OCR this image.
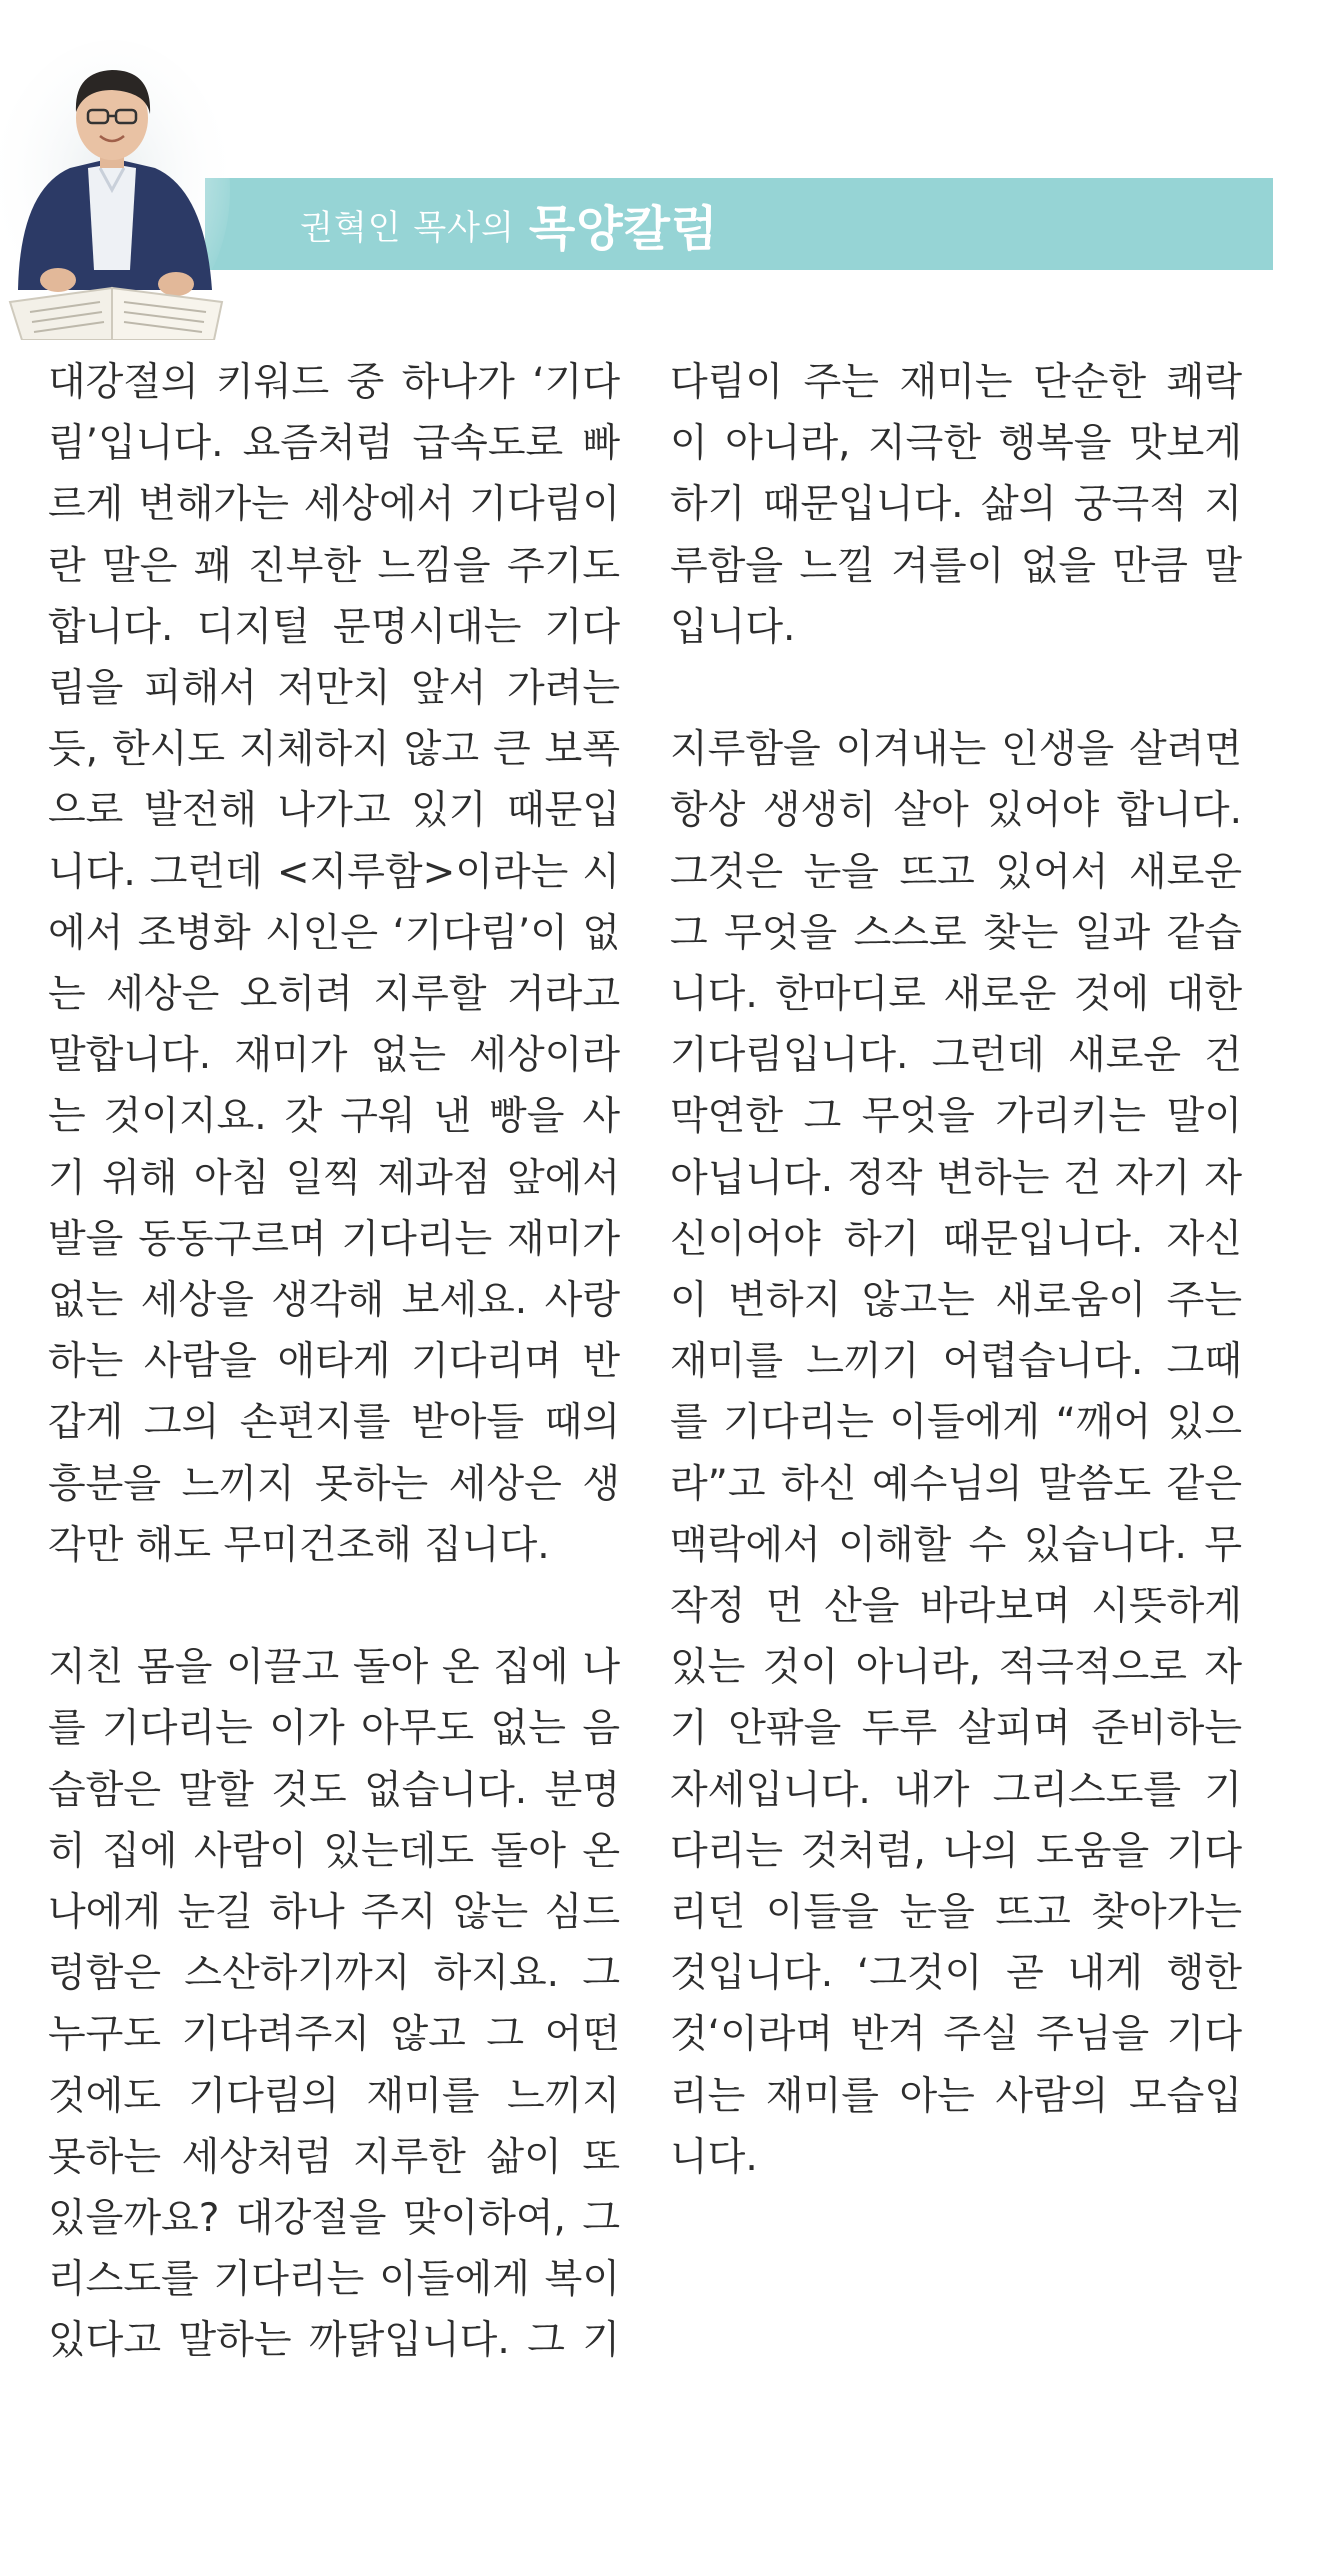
권혁인 목사의 목양칼럼

대강절의 키워드 중 하나가 ‘기다림’입니다. 요즘처럼 급속도로 빠르게 변해가는 세상에서 기다림이란 말은 꽤 진부한 느낌을 주기도 합니다. 디지털 문명시대는 기다림을 피해서 저만치 앞서 가려는 듯, 한시도 지체하지 않고 큰 보폭으로 발전해 나가고 있기 때문입니다. 그런데 <지루함>이라는 시에서 조병화 시인은 ‘기다림’이 없는 세상은 오히려 지루할 거라고 말합니다. 재미가 없는 세상이라는 것이지요. 갓 구워 낸 빵을 사기 위해 아침 일찍 제과점 앞에서 발을 동동구르며 기다리는 재미가 없는 세상을 생각해 보세요. 사랑하는 사람을 애타게 기다리며 반갑게 그의 손편지를 받아들 때의 흥분을 느끼지 못하는 세상은 생각만 해도 무미건조해 집니다.

지친 몸을 이끌고 돌아 온 집에 나를 기다리는 이가 아무도 없는 음습함은 말할 것도 없습니다. 분명히 집에 사람이 있는데도 돌아 온 나에게 눈길 하나 주지 않는 심드렁함은 스산하기까지 하지요. 그 누구도 기다려주지 않고 그 어떤 것에도 기다림의 재미를 느끼지 못하는 세상처럼 지루한 삶이 또 있을까요? 대강절을 맞이하여, 그리스도를 기다리는 이들에게 복이 있다고 말하는 까닭입니다. 그 기

다림이 주는 재미는 단순한 쾌락이 아니라, 지극한 행복을 맛보게 하기 때문입니다. 삶의 궁극적 지루함을 느낄 겨를이 없을 만큼 말입니다.

지루함을 이겨내는 인생을 살려면 항상 생생히 살아 있어야 합니다. 그것은 눈을 뜨고 있어서 새로운 그 무엇을 스스로 찾는 일과 같습니다. 한마디로 새로운 것에 대한 기다림입니다. 그런데 새로운 건 막연한 그 무엇을 가리키는 말이 아닙니다. 정작 변하는 건 자기 자신이어야 하기 때문입니다. 자신이 변하지 않고는 새로움이 주는 재미를 느끼기 어렵습니다. 그때를 기다리는 이들에게 “깨어 있으라”고 하신 예수님의 말씀도 같은 맥락에서 이해할 수 있습니다. 무작정 먼 산을 바라보며 시뜻하게 있는 것이 아니라, 적극적으로 자기 안팎을 두루 살피며 준비하는 자세입니다. 내가 그리스도를 기다리는 것처럼, 나의 도움을 기다리던 이들을 눈을 뜨고 찾아가는 것입니다. ‘그것이 곧 내게 행한 것‘이라며 반겨 주실 주님을 기다리는 재미를 아는 사람의 모습입니다.
